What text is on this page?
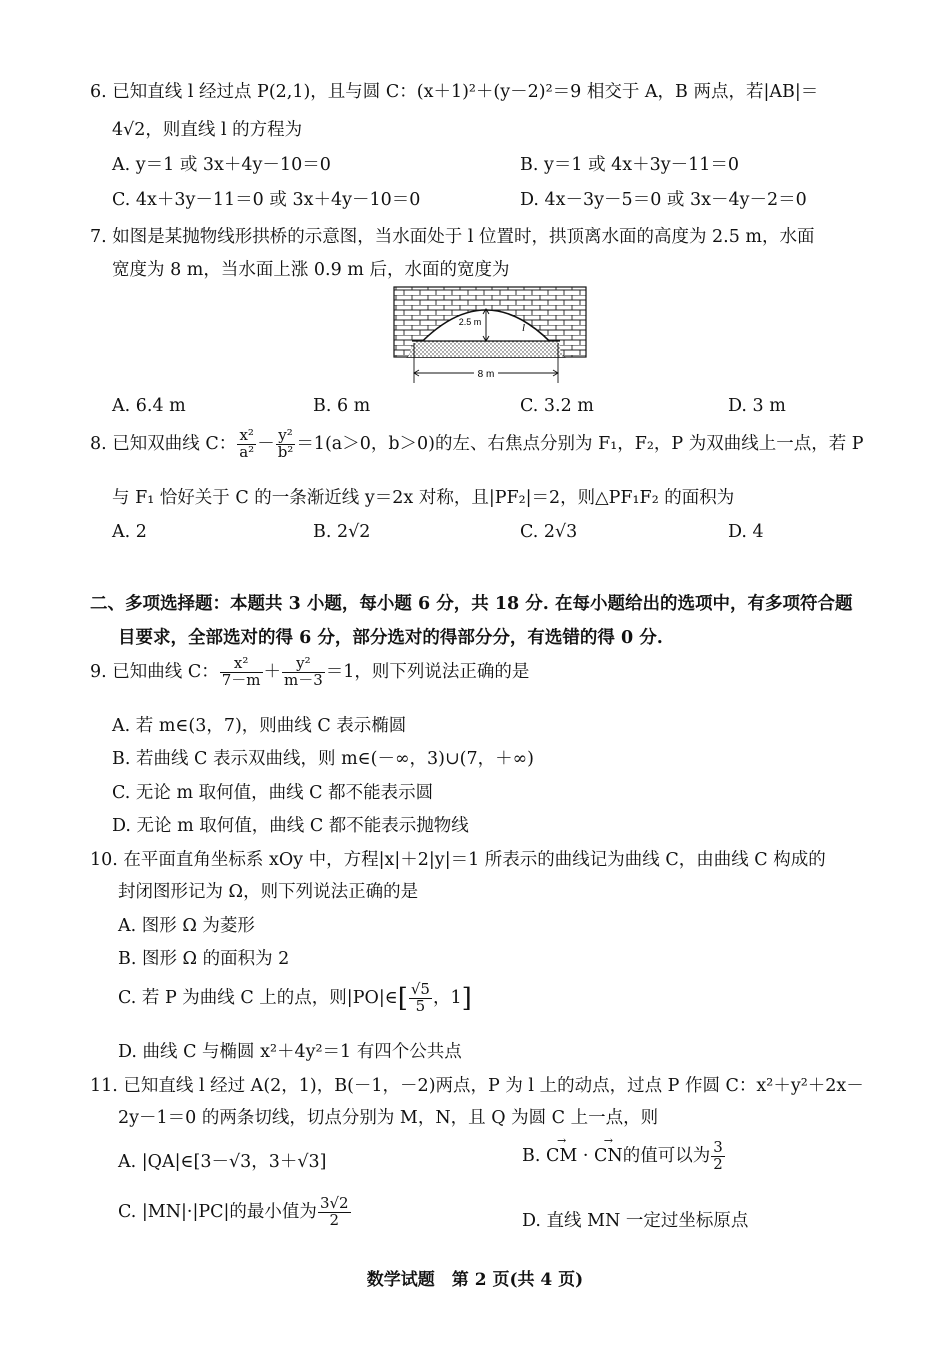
6. 已知直线 l 经过点 P(2,1)，且与圆 C：(x＋1)²＋(y－2)²＝9 相交于 A，B 两点，若|AB|＝
4√2，则直线 l 的方程为
A. y＝1 或 3x＋4y－10＝0	B. y＝1 或 4x＋3y－11＝0
C. 4x＋3y－11＝0 或 3x＋4y－10＝0	D. 4x－3y－5＝0 或 3x－4y－2＝0
7. 如图是某抛物线形拱桥的示意图，当水面处于 l 位置时，拱顶离水面的高度为 2.5 m，水面
宽度为 8 m，当水面上涨 0.9 m 后，水面的宽度为
2.5 m	l
8 m
A. 6.4 m	B. 6 m	C. 3.2 m	D. 3 m
8. 已知双曲线 C： $\frac{\text{x²}}{\text{a²}} - \frac{\text{y²}}{\text{b²}} =1(a>0$，b＞0)的左、右焦点分别为 F₁，F₂，P 为双曲线上一点，若 P
与 F₁ 恰好关于 C 的一条渐近线 y＝2x 对称，且|PF₂|＝2，则△PF₁F₂ 的面积为
A. 2	B. 2√2	C. 2√3	D. 4
二、多项选择题：本题共 3 小题，每小题 6 分，共 18 分. 在每小题给出的选项中，有多项符合题
目要求，全部选对的得 6 分，部分选对的得部分分，有选错的得 0 分.
9. 已知曲线 C： $\frac{\text{x²}}{7-m} + \frac{\text{y²}}{m-3} =1$，则下列说法正确的是
A. 若 m∈(3，7)，则曲线 C 表示椭圆
B. 若曲线 C 表示双曲线，则 m∈(－∞，3)∪(7，＋∞)
C. 无论 m 取何值，曲线 C 都不能表示圆
D. 无论 m 取何值，曲线 C 都不能表示抛物线
10. 在平面直角坐标系 xOy 中，方程|x|＋2|y|＝1 所表示的曲线记为曲线 C，由曲线 C 构成的
封闭图形记为 Ω，则下列说法正确的是
A. 图形 Ω 为菱形
B. 图形 Ω 的面积为 2
C. 若 P 为曲线 C 上的点，则|PO|∈[ $\frac{√5}{5}$ ，1]
D. 曲线 C 与椭圆 x²＋4y²＝1 有四个公共点
11. 已知直线 l 经过 A(2，1)，B(－1，－2)两点，P 为 l 上的动点，过点 P 作圆 C：x²＋y²＋2x－
2y－1＝0 的两条切线，切点分别为 M，N，且 Q 为圆 C 上一点，则
A. |QA|∈[3－√3，3＋√3]	B. → CM · → CN的值可以为 $\frac{3}{2}$
C. |MN|·|PC|的最小值为 $\frac{3√2}{2}$	D. 直线 MN 一定过坐标原点
数学试题　第 2 页(共 4 页)
